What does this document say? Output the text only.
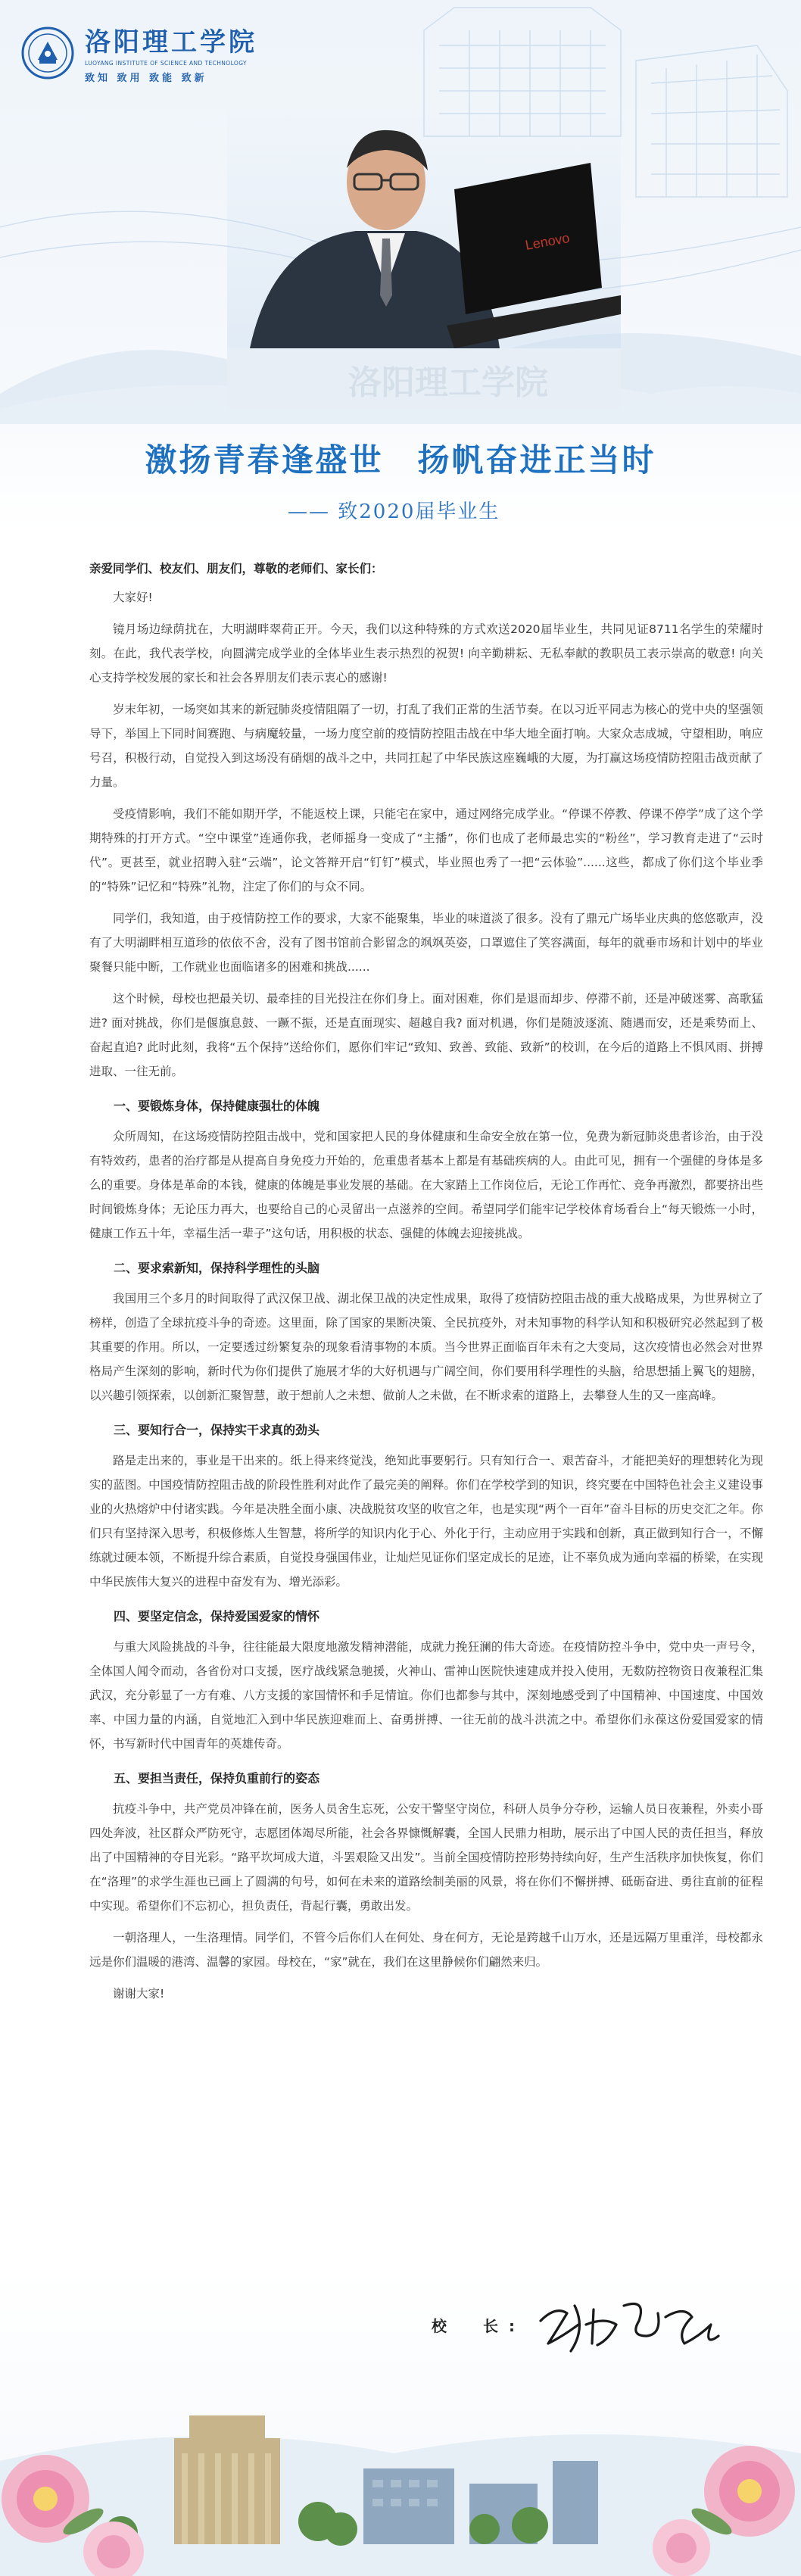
洛阳理工学院
LUOYANG INSTITUTE OF SCIENCE AND TECHNOLOGY
致知 致用 致能 致新
Lenovo
洛阳理工学院
激扬青春逢盛世　扬帆奋进正当时
—— 致2020届毕业生
亲爱同学们、校友们、朋友们，尊敬的老师们、家长们：

大家好!

镜月场边绿荫扰在，大明湖畔翠荷正开。今天，我们以这种特殊的方式欢送2020届毕业生，共同见证8711名学生的荣耀时刻。在此，我代表学校，向圆满完成学业的全体毕业生表示热烈的祝贺! 向辛勤耕耘、无私奉献的教职员工表示崇高的敬意! 向关心支持学校发展的家长和社会各界朋友们表示衷心的感谢!

岁末年初，一场突如其来的新冠肺炎疫情阻隔了一切，打乱了我们正常的生活节奏。在以习近平同志为核心的党中央的坚强领导下，举国上下同时间赛跑、与病魔较量，一场力度空前的疫情防控阻击战在中华大地全面打响。大家众志成城，守望相助，响应号召，积极行动，自觉投入到这场没有硝烟的战斗之中，共同扛起了中华民族这座巍峨的大厦，为打赢这场疫情防控阻击战贡献了力量。

受疫情影响，我们不能如期开学，不能返校上课，只能宅在家中，通过网络完成学业。“停课不停教、停课不停学”成了这个学期特殊的打开方式。“空中课堂”连通你我，老师摇身一变成了“主播”，你们也成了老师最忠实的“粉丝”，学习教育走进了“云时代”。更甚至，就业招聘入驻“云端”，论文答辩开启“钉钉”模式，毕业照也秀了一把“云体验”......这些，都成了你们这个毕业季的“特殊”记忆和“特殊”礼物，注定了你们的与众不同。

同学们，我知道，由于疫情防控工作的要求，大家不能聚集，毕业的味道淡了很多。没有了鼎元广场毕业庆典的悠悠歌声，没有了大明湖畔相互道珍的依依不舍，没有了图书馆前合影留念的飒飒英姿，口罩遮住了笑容满面，每年的就垂市场和计划中的毕业聚餐只能中断，工作就业也面临诸多的困难和挑战......

这个时候，母校也把最关切、最牵挂的目光投注在你们身上。面对困难，你们是退而却步、停滞不前，还是冲破迷雾、高歌猛进? 面对挑战，你们是偃旗息鼓、一蹶不振，还是直面现实、超越自我? 面对机遇，你们是随波逐流、随遇而安，还是乘势而上、奋起直追? 此时此刻，我将“五个保持”送给你们，愿你们牢记“致知、致善、致能、致新”的校训，在今后的道路上不惧风雨、拼搏进取、一往无前。

一、要锻炼身体，保持健康强壮的体魄

众所周知，在这场疫情防控阻击战中，党和国家把人民的身体健康和生命安全放在第一位，免费为新冠肺炎患者诊治，由于没有特效药，患者的治疗都是从提高自身免疫力开始的，危重患者基本上都是有基础疾病的人。由此可见，拥有一个强健的身体是多么的重要。身体是革命的本钱，健康的体魄是事业发展的基础。在大家踏上工作岗位后，无论工作再忙、竞争再激烈，都要挤出些时间锻炼身体；无论压力再大，也要给自己的心灵留出一点滋养的空间。希望同学们能牢记学校体育场看台上“每天锻炼一小时，健康工作五十年，幸福生活一辈子”这句话，用积极的状态、强健的体魄去迎接挑战。

二、要求索新知，保持科学理性的头脑

我国用三个多月的时间取得了武汉保卫战、湖北保卫战的决定性成果，取得了疫情防控阻击战的重大战略成果，为世界树立了榜样，创造了全球抗疫斗争的奇迹。这里面，除了国家的果断决策、全民抗疫外，对未知事物的科学认知和积极研究必然起到了极其重要的作用。所以，一定要透过纷繁复杂的现象看清事物的本质。当今世界正面临百年未有之大变局，这次疫情也必然会对世界格局产生深刻的影响，新时代为你们提供了施展才华的大好机遇与广阔空间，你们要用科学理性的头脑，给思想插上翼飞的翅膀，以兴趣引领探索，以创新汇聚智慧，敢于想前人之未想、做前人之未做，在不断求索的道路上，去攀登人生的又一座高峰。

三、要知行合一，保持实干求真的劲头

路是走出来的，事业是干出来的。纸上得来终觉浅，绝知此事要躬行。只有知行合一、艰苦奋斗，才能把美好的理想转化为现实的蓝图。中国疫情防控阻击战的阶段性胜利对此作了最完美的阐释。你们在学校学到的知识，终究要在中国特色社会主义建设事业的火热熔炉中付诸实践。今年是决胜全面小康、决战脱贫攻坚的收官之年，也是实现“两个一百年”奋斗目标的历史交汇之年。你们只有坚持深入思考，积极修炼人生智慧，将所学的知识内化于心、外化于行，主动应用于实践和创新，真正做到知行合一，不懈练就过硬本领，不断提升综合素质，自觉投身强国伟业，让灿烂见证你们坚定成长的足迹，让不辜负成为通向幸福的桥梁，在实现中华民族伟大复兴的进程中奋发有为、增光添彩。

四、要坚定信念，保持爱国爱家的情怀

与重大风险挑战的斗争，往往能最大限度地激发精神潜能，成就力挽狂澜的伟大奇迹。在疫情防控斗争中，党中央一声号令，全体国人闻令而动，各省份对口支援，医疗战线紧急驰援，火神山、雷神山医院快速建成并投入使用，无数防控物资日夜兼程汇集武汉，充分彰显了一方有难、八方支援的家国情怀和手足情谊。你们也都参与其中，深刻地感受到了中国精神、中国速度、中国效率、中国力量的内涵，自觉地汇入到中华民族迎难而上、奋勇拼搏、一往无前的战斗洪流之中。希望你们永葆这份爱国爱家的情怀，书写新时代中国青年的英雄传奇。

五、要担当责任，保持负重前行的姿态

抗疫斗争中，共产党员冲锋在前，医务人员舍生忘死，公安干警坚守岗位，科研人员争分夺秒，运输人员日夜兼程，外卖小哥四处奔波，社区群众严防死守，志愿团体竭尽所能，社会各界慷慨解囊，全国人民鼎力相助，展示出了中国人民的责任担当，释放出了中国精神的夺目光彩。“路平坎坷成大道，斗罢艰险又出发”。当前全国疫情防控形势持续向好，生产生活秩序加快恢复，你们在“洛理”的求学生涯也已画上了圆满的句号，如何在未来的道路绘制美丽的风景，将在你们不懈拼搏、砥砺奋进、勇往直前的征程中实现。希望你们不忘初心，担负责任，背起行囊，勇敢出发。

一朝洛理人，一生洛理情。同学们，不管今后你们人在何处、身在何方，无论是跨越千山万水，还是远隔万里重洋，母校都永远是你们温暖的港湾、温馨的家园。母校在，“家”就在，我们在这里静候你们翩然来归。

谢谢大家!

校　长:
